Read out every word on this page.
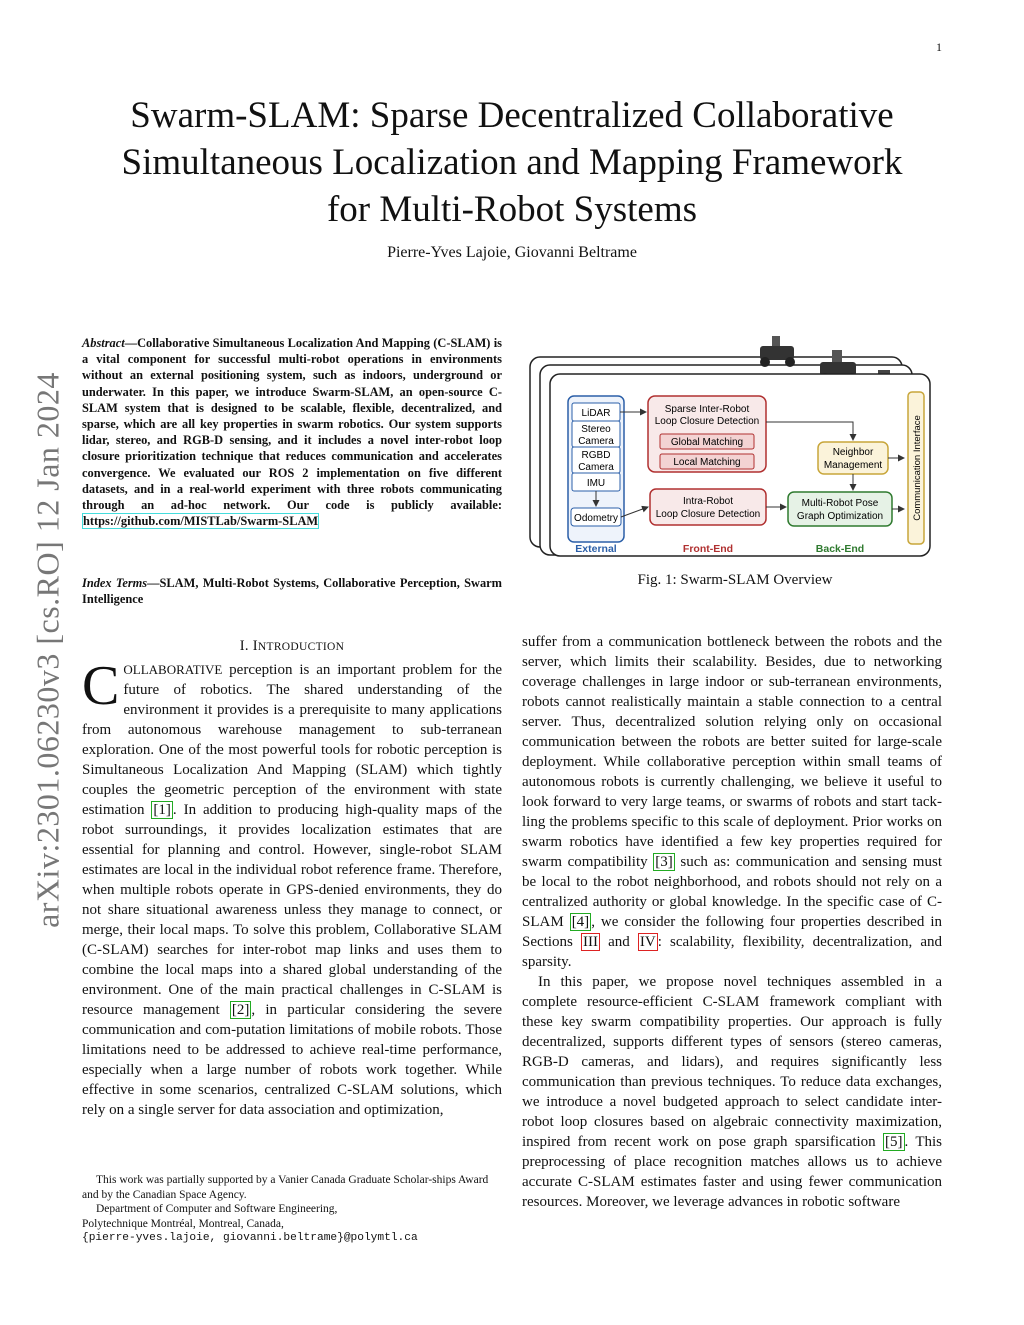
1
arXiv:2301.06230v3 [cs.RO] 12 Jan 2024
Swarm-SLAM: Sparse Decentralized Collaborative
Simultaneous Localization and Mapping Framework
for Multi-Robot Systems
Pierre-Yves Lajoie, Giovanni Beltrame
Abstract—Collaborative Simultaneous Localization And Mapping (C-SLAM) is a vital component for successful multi-robot operations in environments without an external positioning system, such as indoors, underground or underwater. In this paper, we introduce Swarm-SLAM, an open-source C-SLAM system that is designed to be scalable, flexible, decentralized, and sparse, which are all key properties in swarm robotics. Our system supports lidar, stereo, and RGB-D sensing, and it includes a novel inter-robot loop closure prioritization technique that reduces communication and accelerates convergence. We evaluated our ROS 2 implementation on five different datasets, and in a real-world experiment with three robots communicating through an ad-hoc network. Our code is publicly available: https://github.com/MISTLab/Swarm-SLAM
Index Terms—SLAM, Multi-Robot Systems, Collaborative Perception, Swarm Intelligence
I. INTRODUCTION
COLLABORATIVE perception is an important problem for the future of robotics. The shared understanding of the environment it provides is a prerequisite to many applications from autonomous warehouse management to sub-terranean exploration. One of the most powerful tools for robotic perception is Simultaneous Localization And Mapping (SLAM) which tightly couples the geometric perception of the environment with state estimation [1] . In addition to producing high-quality maps of the robot surroundings, it provides localization estimates that are essential for planning and control. However, single-robot SLAM estimates are local in the individual robot reference frame. Therefore, when multiple robots operate in GPS-denied environments, they do not share situational awareness unless they manage to connect, or merge, their local maps. To solve this problem, Collaborative SLAM (C-SLAM) searches for inter-robot map links and uses them to combine the local maps into a shared global understanding of the environment. One of the main practical challenges in C-SLAM is resource management [2] , in particular considering the severe communication and com-putation limitations of mobile robots. Those limitations need to be addressed to achieve real-time performance, especially when a large number of robots work together. While effective in some scenarios, centralized C-SLAM solutions, which rely on a single server for data association and optimization,
This work was partially supported by a Vanier Canada Graduate Scholar-ships Award and by the Canadian Space Agency.
Department of Computer and Software Engineering,
Polytechnique Montréal, Montreal, Canada,
{pierre-yves.lajoie, giovanni.beltrame}@polymtl.ca

suffer from a communication bottleneck between the robots and the server, which limits their scalability. Besides, due to networking coverage challenges in large indoor or sub-terranean environments, robots cannot realistically maintain a stable connection to a central server. Thus, decentralized solution relying only on occasional communication between the robots are better suited for large-scale deployment. While collaborative perception within small teams of autonomous robots is currently challenging, we believe it useful to look forward to very large teams, or swarms of robots and start tack-ling the problems specific to this scale of deployment. Prior works on swarm robotics have identified a few key properties required for swarm compatibility [3] such as: communication and sensing must be local to the robot neighborhood, and robots should not rely on a centralized authority or global knowledge. In the specific case of C-SLAM [4] , we consider the following four properties described in Sections III and IV : scalability, flexibility, decentralization, and sparsity.

In this paper, we propose novel techniques assembled in a complete resource-efficient C-SLAM framework compliant with these key swarm compatibility properties. Our approach is fully decentralized, supports different types of sensors (stereo cameras, RGB-D cameras, and lidars), and requires significantly less communication than previous techniques. To reduce data exchanges, we introduce a novel budgeted approach to select candidate inter-robot loop closures based on algebraic connectivity maximization, inspired from recent work on pose graph sparsification [5] . This preprocessing of place recognition matches allows us to achieve accurate C-SLAM estimates faster and using fewer communication resources. Moreover, we leverage advances in robotic software

LiDAR
Stereo
Camera
RGBD
Camera
IMU
Odometry
External
Sparse Inter-Robot
Loop Closure Detection
Global Matching
Local Matching
Intra-Robot
Loop Closure Detection
Front-End
Neighbor
Management
Multi-Robot Pose
Graph Optimization
Back-End
Communication Interface
Fig. 1: Swarm-SLAM Overview
